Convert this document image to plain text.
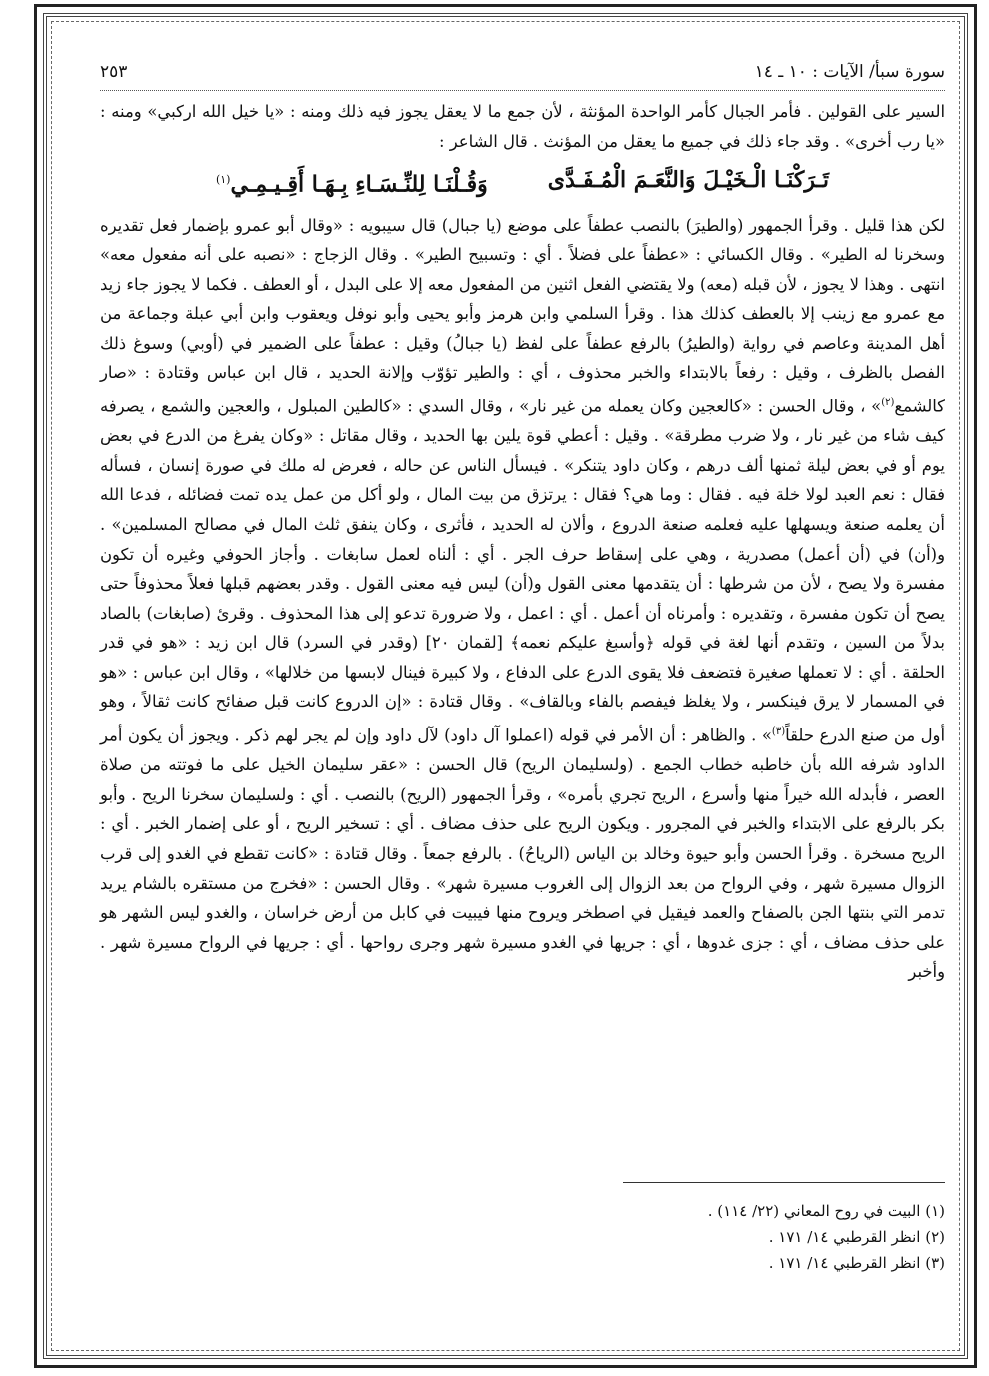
سورة سبأ/ الآيات : ١٠ ـ ١٤
٢٥٣
السير على القولين . فأمر الجبال كأمر الواحدة المؤنثة ، لأن جمع ما لا يعقل يجوز فيه ذلك ومنه : «يا خيل الله اركبي» ومنه : «يا رب أخرى» . وقد جاء ذلك في جميع ما يعقل من المؤنث . قال الشاعر :
تَـرَكْنَـا الْـخَيْـلَ وَالنَّعَـمَ الْمُـفَـدَّى
وَقُـلْنَـا لِلنِّـسَـاءِ بِـهَـا أَقِـيـمِـي$^{(١)}$
لكن هذا قليل . وقرأ الجمهور (والطيرَ) بالنصب عطفاً على موضع (يا جبال) قال سيبويه : «وقال أبو عمرو بإضمار فعل تقديره وسخرنا له الطير» . وقال الكسائي : «عطفاً على فضلاً . أي : وتسبيح الطير» . وقال الزجاج : «نصبه على أنه مفعول معه» انتهى . وهذا لا يجوز ، لأن قبله (معه) ولا يقتضي الفعل اثنين من المفعول معه إلا على البدل ، أو العطف . فكما لا يجوز جاء زيد مع عمرو مع زينب إلا بالعطف كذلك هذا . وقرأ السلمي وابن هرمز وأبو يحيى وأبو نوفل ويعقوب وابن أبي عبلة وجماعة من أهل المدينة وعاصم في رواية (والطيرُ) بالرفع عطفاً على لفظ (يا جبالُ) وقيل : عطفاً على الضمير في (أوبي) وسوغ ذلك الفصل بالظرف ، وقيل : رفعاً بالابتداء والخبر محذوف ، أي : والطير تؤوّب وإلانة الحديد ، قال ابن عباس وقتادة : «صار كالشمع$^{(٢)}$» ، وقال الحسن : «كالعجين وكان يعمله من غير نار» ، وقال السدي : «كالطين المبلول ، والعجين والشمع ، يصرفه كيف شاء من غير نار ، ولا ضرب مطرقة» . وقيل : أعطي قوة يلين بها الحديد ، وقال مقاتل : «وكان يفرغ من الدرع في بعض يوم أو في بعض ليلة ثمنها ألف درهم ، وكان داود يتنكر» . فيسأل الناس عن حاله ، فعرض له ملك في صورة إنسان ، فسأله فقال : نعم العبد لولا خلة فيه . فقال : وما هي؟ فقال : يرتزق من بيت المال ، ولو أكل من عمل يده تمت فضائله ، فدعا الله أن يعلمه صنعة ويسهلها عليه فعلمه صنعة الدروع ، وألان له الحديد ، فأثرى ، وكان ينفق ثلث المال في مصالح المسلمين» . و(أن) في (أن أعمل) مصدرية ، وهي على إسقاط حرف الجر . أي : ألناه لعمل سابغات . وأجاز الحوفي وغيره أن تكون مفسرة ولا يصح ، لأن من شرطها : أن يتقدمها معنى القول و(أن) ليس فيه معنى القول . وقدر بعضهم قبلها فعلاً محذوفاً حتى يصح أن تكون مفسرة ، وتقديره : وأمرناه أن أعمل . أي : اعمل ، ولا ضرورة تدعو إلى هذا المحذوف . وقرئ (صابغات) بالصاد بدلاً من السين ، وتقدم أنها لغة في قوله ﴿وأسبغ عليكم نعمه﴾ [لقمان ٢٠] (وقدر في السرد) قال ابن زيد : «هو في قدر الحلقة . أي : لا تعملها صغيرة فتضعف فلا يقوى الدرع على الدفاع ، ولا كبيرة فينال لابسها من خلالها» ، وقال ابن عباس : «هو في المسمار لا يرق فينكسر ، ولا يغلظ فيفصم بالفاء وبالقاف» . وقال قتادة : «إن الدروع كانت قبل صفائح كانت ثقالاً ، وهو أول من صنع الدرع حلقاً$^{(٣)}$» . والظاهر : أن الأمر في قوله (اعملوا آل داود) لآل داود وإن لم يجر لهم ذكر . ويجوز أن يكون أمر الداود شرفه الله بأن خاطبه خطاب الجمع . (ولسليمان الريح) قال الحسن : «عقر سليمان الخيل على ما فوتته من صلاة العصر ، فأبدله الله خيراً منها وأسرع ، الريح تجري بأمره» ، وقرأ الجمهور (الريح) بالنصب . أي : ولسليمان سخرنا الريح . وأبو بكر بالرفع على الابتداء والخبر في المجرور . ويكون الريح على حذف مضاف . أي : تسخير الريح ، أو على إضمار الخبر . أي : الريح مسخرة . وقرأ الحسن وأبو حيوة وخالد بن الياس (الرياحُ) . بالرفع جمعاً . وقال قتادة : «كانت تقطع في الغدو إلى قرب الزوال مسيرة شهر ، وفي الرواح من بعد الزوال إلى الغروب مسيرة شهر» . وقال الحسن : «فخرج من مستقره بالشام يريد تدمر التي بنتها الجن بالصفاح والعمد فيقيل في اصطخر ويروح منها فيبيت في كابل من أرض خراسان ، والغدو ليس الشهر هو على حذف مضاف ، أي : جزى غدوها ، أي : جريها في الغدو مسيرة شهر وجرى رواحها . أي : جريها في الرواح مسيرة شهر . وأخبر
(١) البيت في روح المعاني (٢٢/ ١١٤) .
(٢) انظر القرطبي ١٤/ ١٧١ .
(٣) انظر القرطبي ١٤/ ١٧١ .
